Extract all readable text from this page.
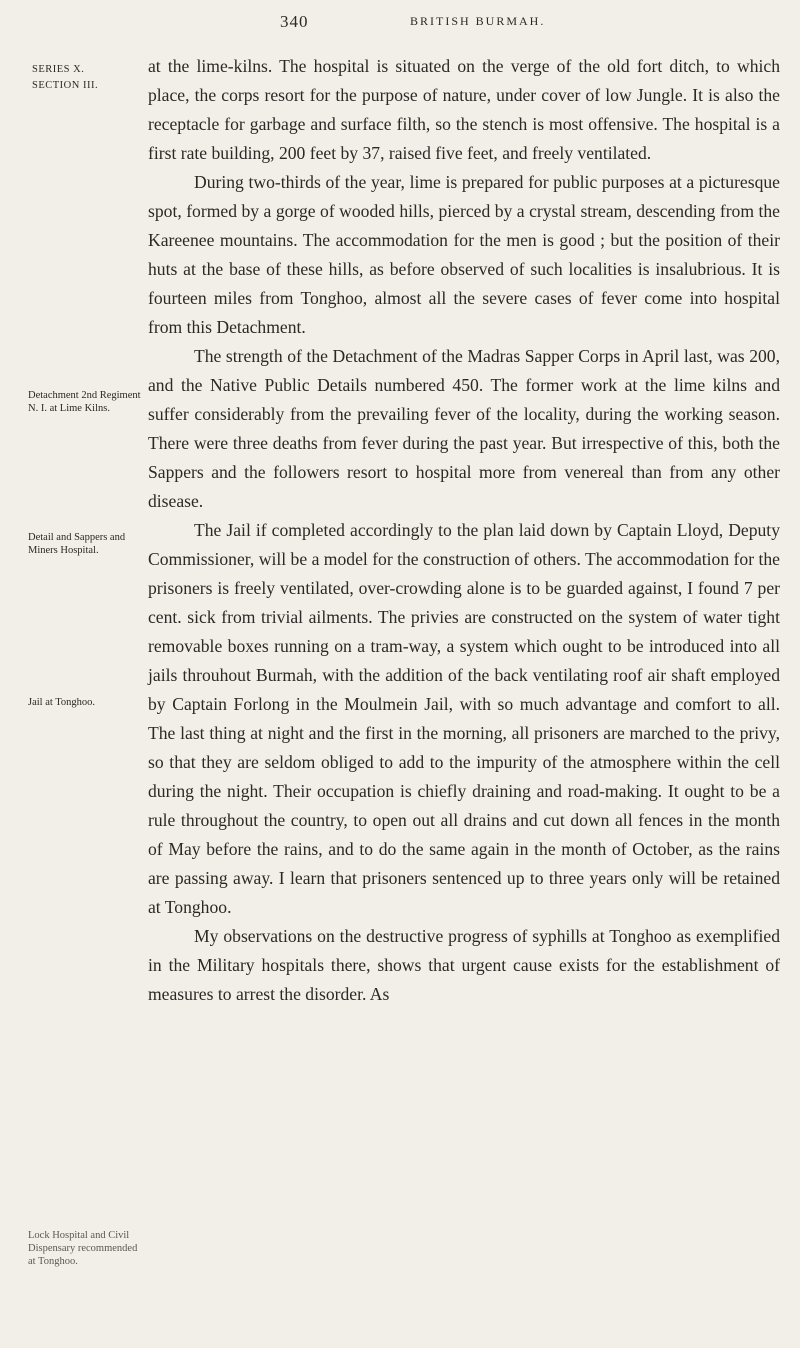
340	BRITISH BURMAH.
SERIES X.
SECTION III.
Detachment 2nd Regiment N. I. at Lime Kilns.
Detail and Sappers and Miners Hospital.
Jail at Tonghoo.
Lock Hospital and Civil Dispensary recommended at Tonghoo.

at the lime-kilns. The hospital is situated on the verge of the old fort ditch, to which place, the corps resort for the purpose of nature, under cover of low Jungle. It is also the receptacle for garbage and surface filth, so the stench is most offensive. The hospital is a first rate building, 200 feet by 37, raised five feet, and freely ventilated.

During two-thirds of the year, lime is prepared for public purposes at a picturesque spot, formed by a gorge of wooded hills, pierced by a crystal stream, descending from the Kareenee mountains. The accommodation for the men is good ; but the position of their huts at the base of these hills, as before observed of such localities is insalubrious. It is fourteen miles from Tonghoo, almost all the severe cases of fever come into hospital from this Detachment.

The strength of the Detachment of the Madras Sapper Corps in April last, was 200, and the Native Public Details numbered 450. The former work at the lime kilns and suffer considerably from the prevailing fever of the locality, during the working season. There were three deaths from fever during the past year. But irrespective of this, both the Sappers and the followers resort to hospital more from venereal than from any other disease.

The Jail if completed accordingly to the plan laid down by Captain Lloyd, Deputy Commissioner, will be a model for the construction of others. The accommodation for the prisoners is freely ventilated, over-crowding alone is to be guarded against, I found 7 per cent. sick from trivial ailments. The privies are constructed on the system of water tight removable boxes running on a tram-way, a system which ought to be introduced into all jails throuhout Burmah, with the addition of the back ventilating roof air shaft employed by Captain Forlong in the Moulmein Jail, with so much advantage and comfort to all. The last thing at night and the first in the morning, all prisoners are marched to the privy, so that they are seldom obliged to add to the impurity of the atmosphere within the cell during the night. Their occupation is chiefly draining and road-making. It ought to be a rule throughout the country, to open out all drains and cut down all fences in the month of May before the rains, and to do the same again in the month of October, as the rains are passing away. I learn that prisoners sentenced up to three years only will be retained at Tonghoo.

My observations on the destructive progress of syphills at Tonghoo as exemplified in the Military hospitals there, shows that urgent cause exists for the establishment of measures to arrest the disorder. As
